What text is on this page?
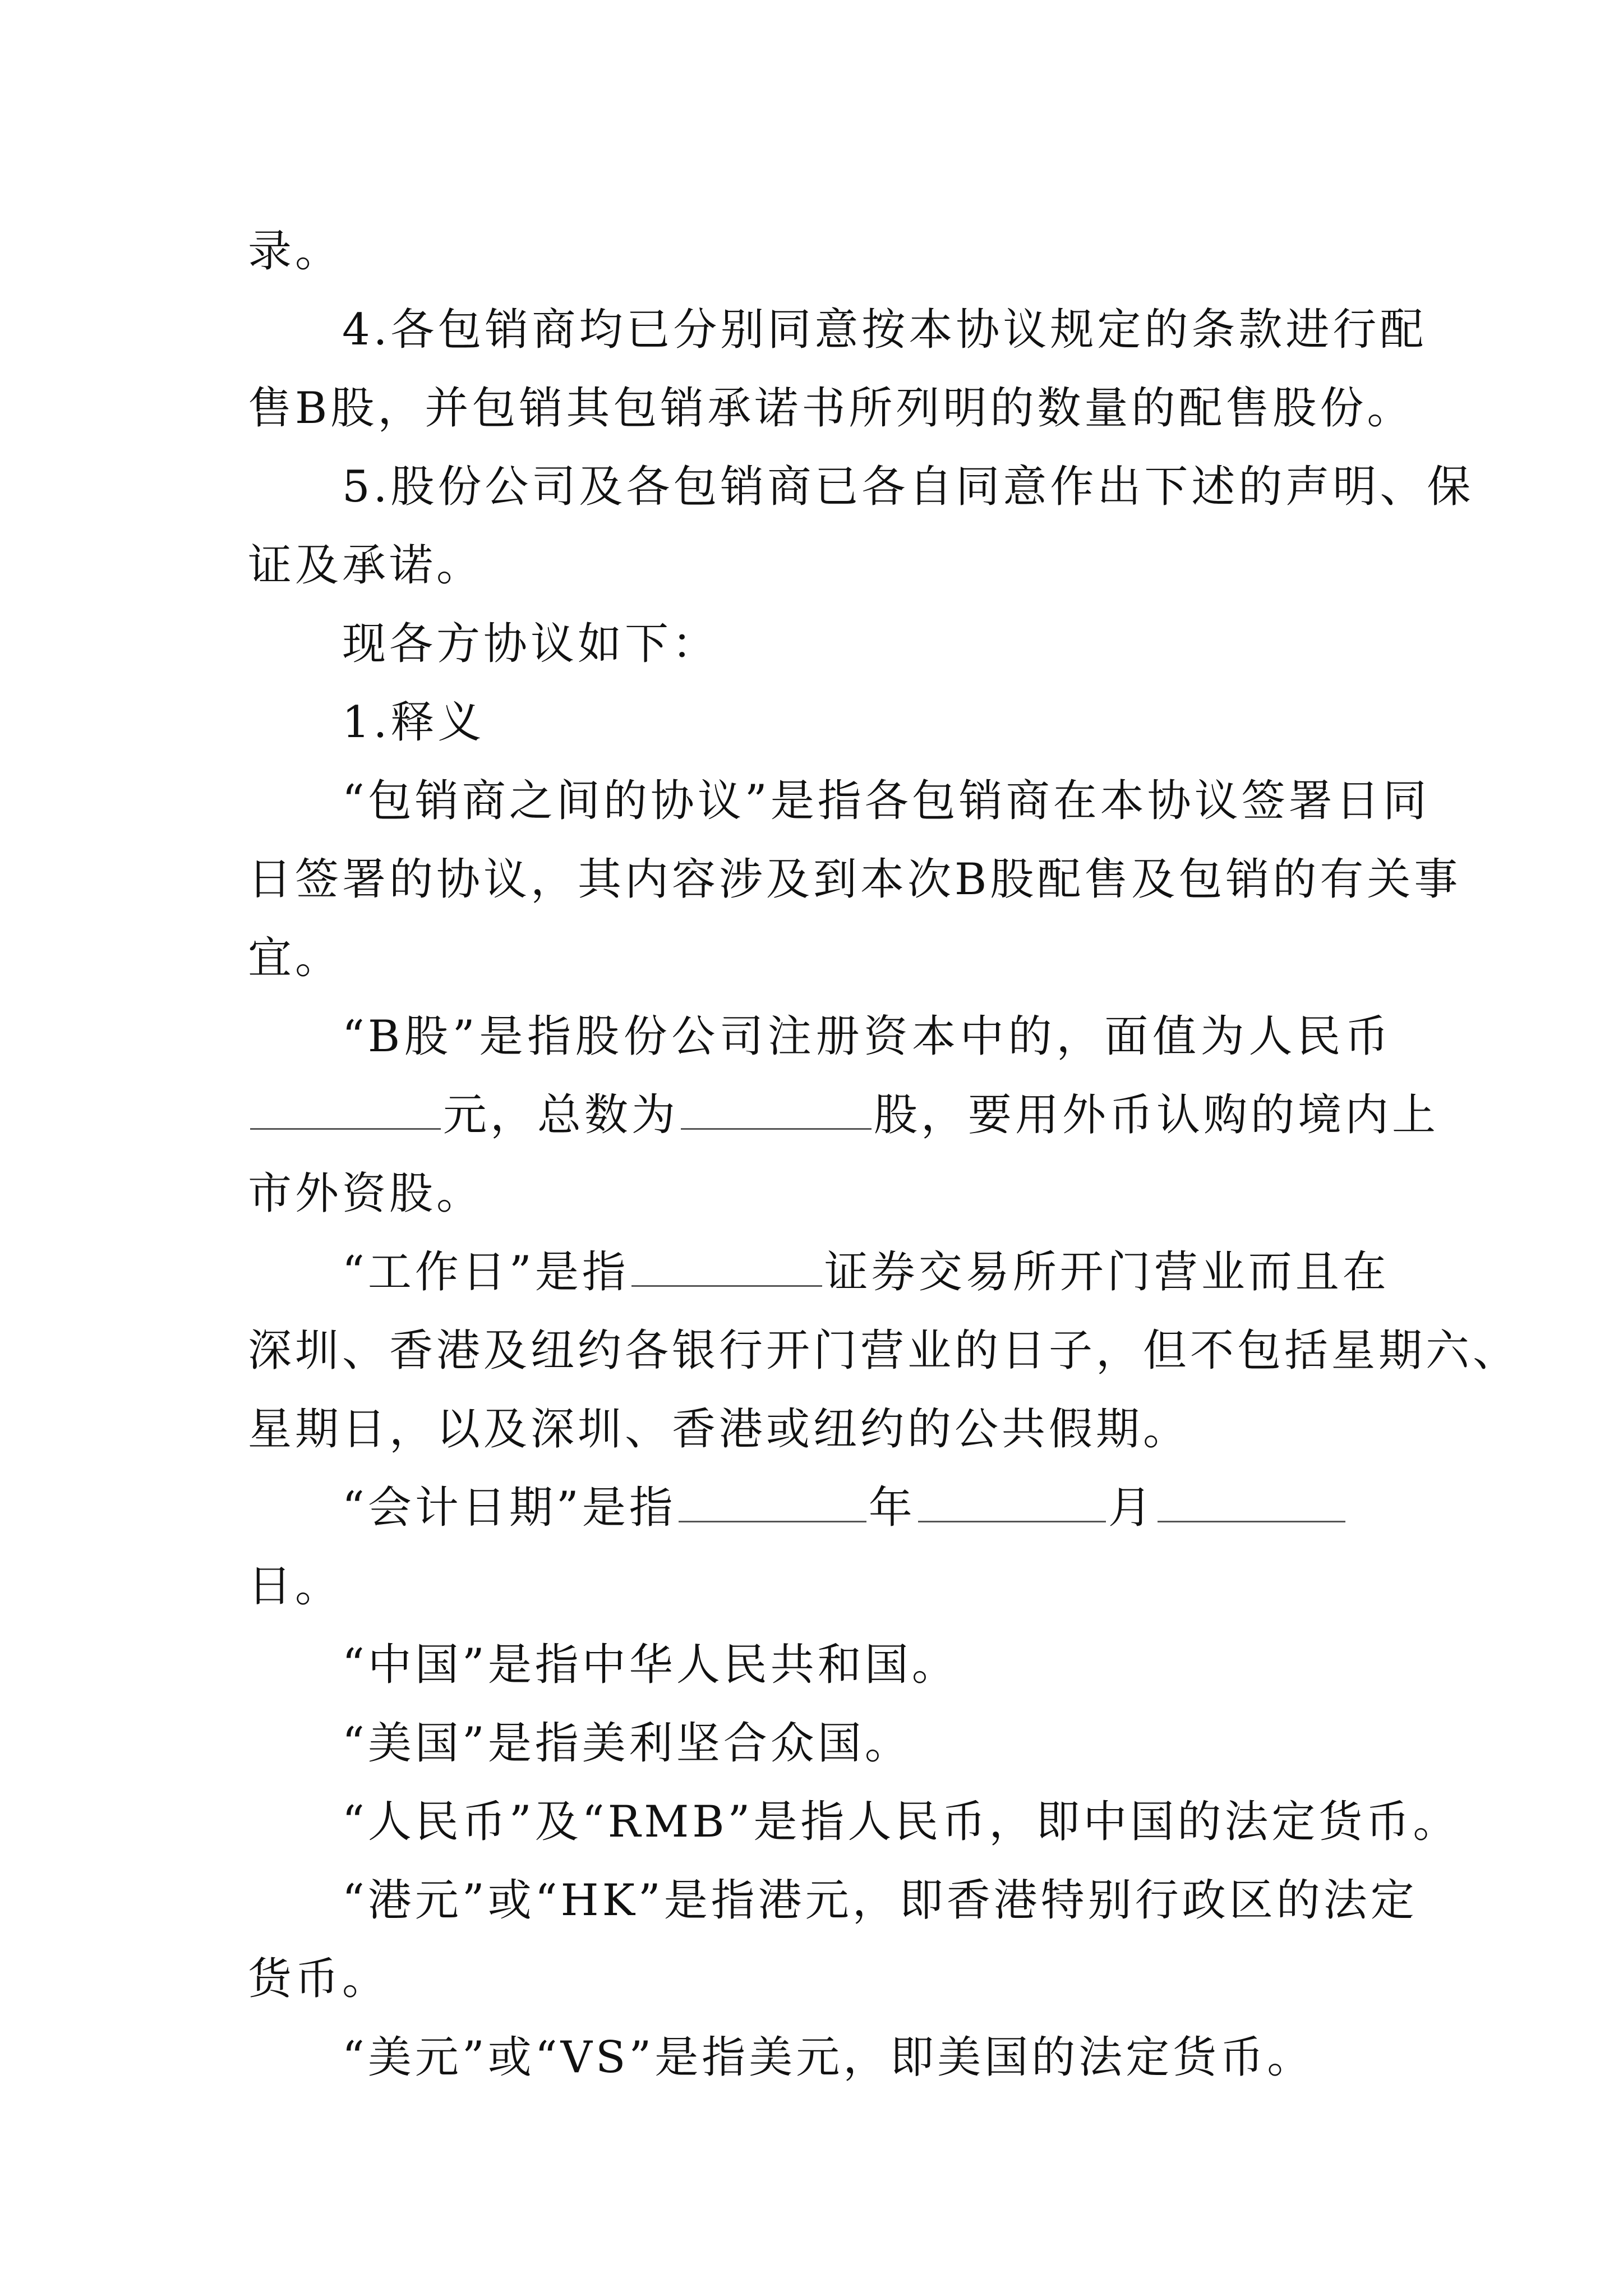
录。
4.各包销商均已分别同意按本协议规定的条款进行配
售B股，并包销其包销承诺书所列明的数量的配售股份。
5.股份公司及各包销商已各自同意作出下述的声明、保
证及承诺。
现各方协议如下：
1.释义
“包销商之间的协议”是指各包销商在本协议签署日同
日签署的协议，其内容涉及到本次B股配售及包销的有关事
宜。
“B股”是指股份公司注册资本中的，面值为人民币
元，总数为	股，要用外币认购的境内上
市外资股。
“工作日”是指	证券交易所开门营业而且在
深圳、香港及纽约各银行开门营业的日子，但不包括星期六、
星期日，以及深圳、香港或纽约的公共假期。
“会计日期”是指	年	月
日。
“中国”是指中华人民共和国。
“美国”是指美利坚合众国。
“人民币”及“RMB”是指人民币，即中国的法定货币。
“港元”或“HK”是指港元，即香港特别行政区的法定
货币。
“美元”或“VS”是指美元，即美国的法定货币。
